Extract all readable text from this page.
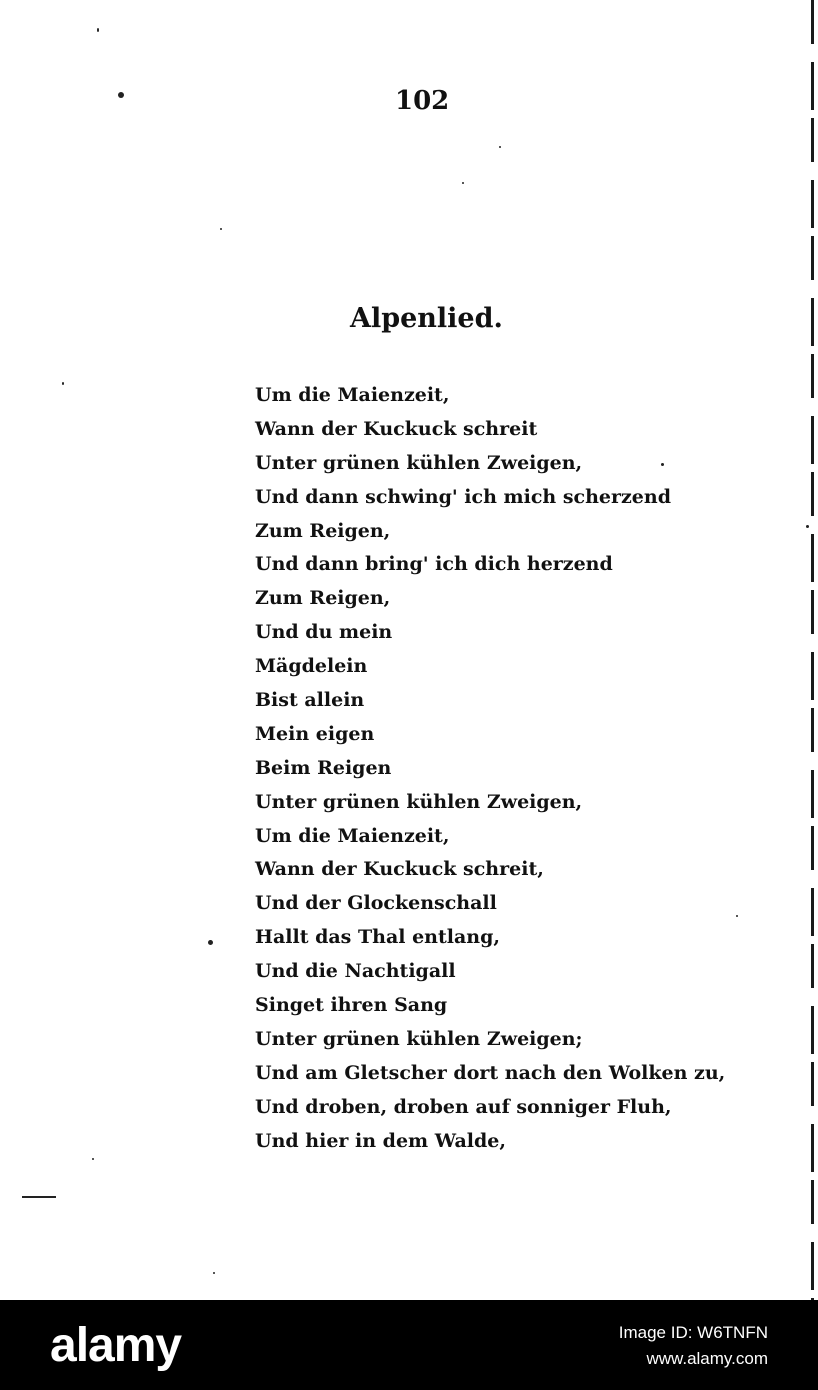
102
Alpenlied.
Um die Maienzeit,
Wann der Kuckuck schreit
Unter grünen kühlen Zweigen,
Und dann schwing' ich mich scherzend
Zum Reigen,
Und dann bring' ich dich herzend
Zum Reigen,
Und du mein
Mägdelein
Bist allein
Mein eigen
Beim Reigen
Unter grünen kühlen Zweigen,
Um die Maienzeit,
Wann der Kuckuck schreit,
Und der Glockenschall
Hallt das Thal entlang,
Und die Nachtigall
Singet ihren Sang
Unter grünen kühlen Zweigen;
Und am Gletscher dort nach den Wolken zu,
Und droben, droben auf sonniger Fluh,
Und hier in dem Walde,
alamy	Image ID: W6TNFN
www.alamy.com
